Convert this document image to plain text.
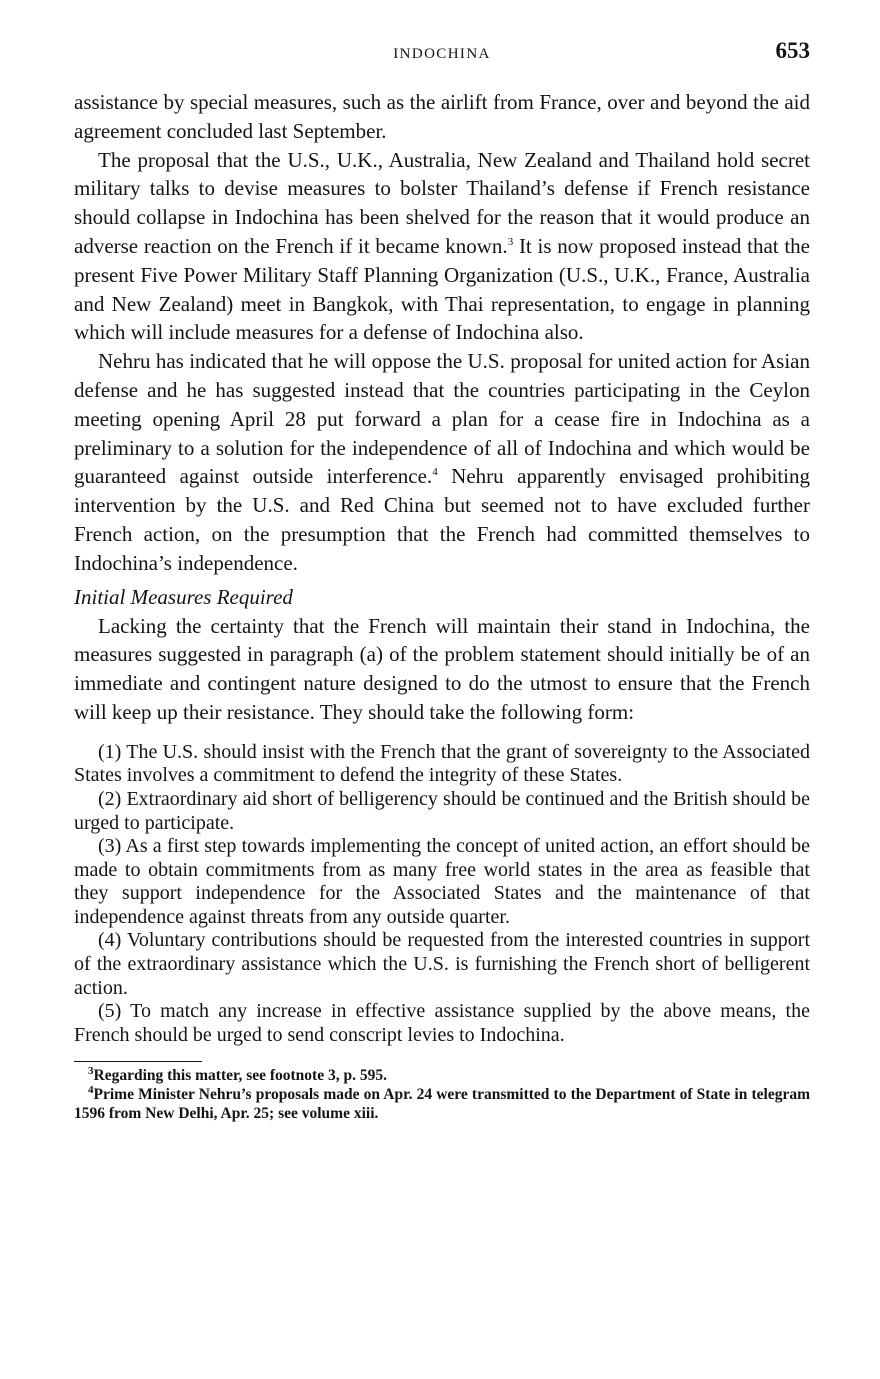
INDOCHINA	653

assistance by special measures, such as the airlift from France, over and beyond the aid agreement concluded last September.

The proposal that the U.S., U.K., Australia, New Zealand and Thailand hold secret military talks to devise measures to bolster Thailand’s defense if French resistance should collapse in Indochina has been shelved for the reason that it would produce an adverse reaction on the French if it became known.$^3$ It is now proposed instead that the present Five Power Military Staff Planning Organization (U.S., U.K., France, Australia and New Zealand) meet in Bangkok, with Thai representation, to engage in planning which will include measures for a defense of Indochina also.

Nehru has indicated that he will oppose the U.S. proposal for united action for Asian defense and he has suggested instead that the countries participating in the Ceylon meeting opening April 28 put forward a plan for a cease fire in Indochina as a preliminary to a solution for the independence of all of Indochina and which would be guaranteed against outside interference.$^4$ Nehru apparently envisaged prohibiting intervention by the U.S. and Red China but seemed not to have excluded further French action, on the presumption that the French had committed themselves to Indochina’s independence.

Initial Measures Required

Lacking the certainty that the French will maintain their stand in Indochina, the measures suggested in paragraph (a) of the problem statement should initially be of an immediate and contingent nature designed to do the utmost to ensure that the French will keep up their resistance. They should take the following form:

(1) The U.S. should insist with the French that the grant of sovereignty to the Associated States involves a commitment to defend the integrity of these States.

(2) Extraordinary aid short of belligerency should be continued and the British should be urged to participate.

(3) As a first step towards implementing the concept of united action, an effort should be made to obtain commitments from as many free world states in the area as feasible that they support independence for the Associated States and the maintenance of that independence against threats from any outside quarter.

(4) Voluntary contributions should be requested from the interested countries in support of the extraordinary assistance which the U.S. is furnishing the French short of belligerent action.

(5) To match any increase in effective assistance supplied by the above means, the French should be urged to send conscript levies to Indochina.

$^3$Regarding this matter, see footnote 3, p. 595.

$^4$Prime Minister Nehru’s proposals made on Apr. 24 were transmitted to the Department of State in telegram 1596 from New Delhi, Apr. 25; see volume xiii.
